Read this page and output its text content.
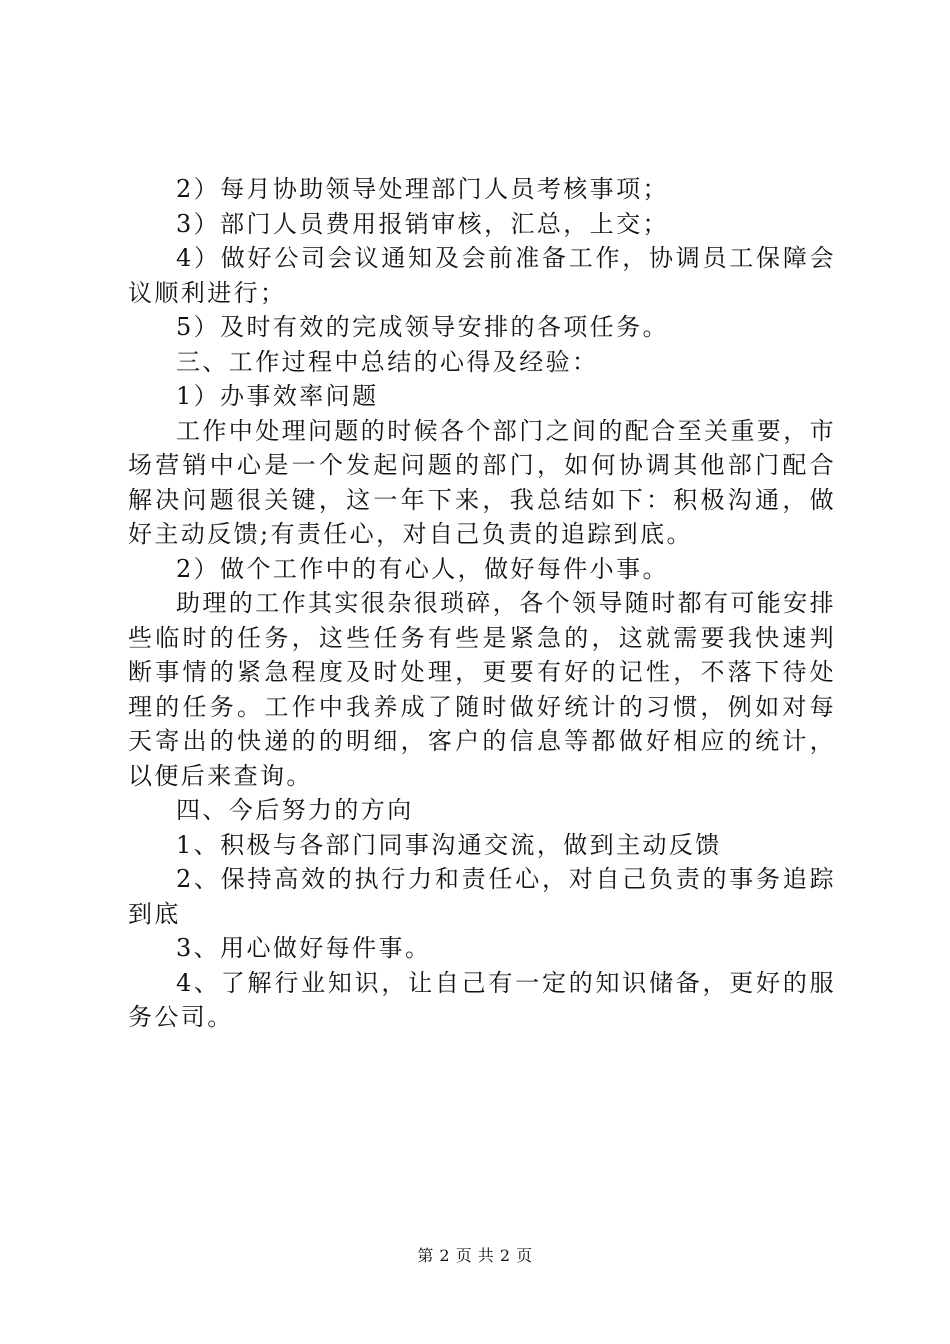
2）每月协助领导处理部门人员考核事项；

3）部门人员费用报销审核，汇总，上交；

4）做好公司会议通知及会前准备工作，协调员工保障会议顺利进行；

5）及时有效的完成领导安排的各项任务。

三、工作过程中总结的心得及经验：

1）办事效率问题

工作中处理问题的时候各个部门之间的配合至关重要，市场营销中心是一个发起问题的部门，如何协调其他部门配合解决问题很关键，这一年下来，我总结如下：积极沟通，做好主动反馈;有责任心，对自己负责的追踪到底。

2）做个工作中的有心人，做好每件小事。

助理的工作其实很杂很琐碎，各个领导随时都有可能安排些临时的任务，这些任务有些是紧急的，这就需要我快速判断事情的紧急程度及时处理，更要有好的记性，不落下待处理的任务。工作中我养成了随时做好统计的习惯，例如对每天寄出的快递的的明细，客户的信息等都做好相应的统计，以便后来查询。

四、今后努力的方向

1、积极与各部门同事沟通交流，做到主动反馈

2、保持高效的执行力和责任心，对自己负责的事务追踪到底

3、用心做好每件事。

4、了解行业知识，让自己有一定的知识储备，更好的服务公司。

第 2 页 共 2 页
